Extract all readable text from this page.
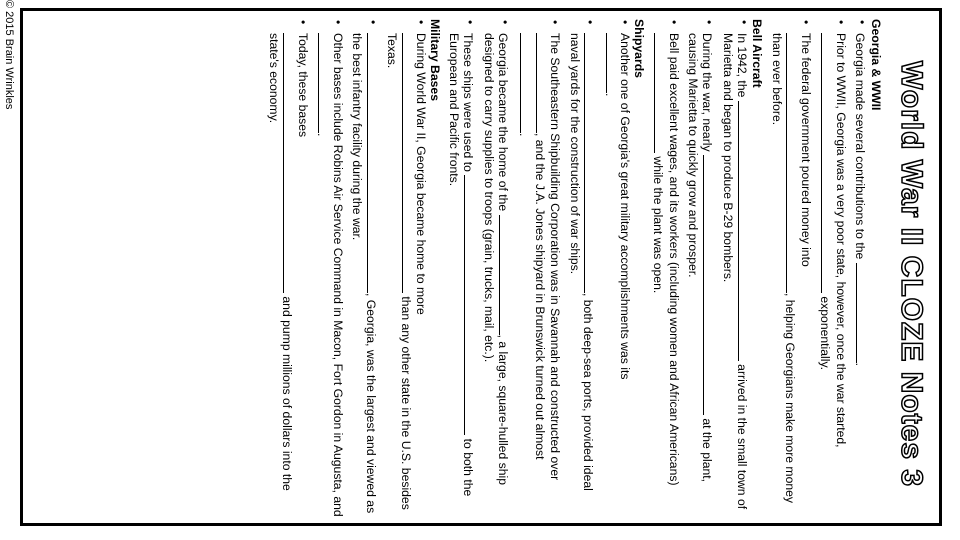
© 2015 Brain Wrinkles
World War II CLOZE Notes 3

Georgia & WWII

• Georgia made several contributions to the .
• Prior to WWII, Georgia was a very poor state, however, once the war started,  exponentially.
• The federal government poured money into , helping Georgians make more money than ever before.

Bell Aircraft

• In 1942, the  arrived in the small town of Marietta and began to produce B-29 bombers.
• During the war, nearly  at the plant, causing Marietta to quickly grow and prosper.
• Bell paid excellent wages, and its workers (including women and African Americans)  while the plant was open.

Shipyards

• Another one of Georgia's great military accomplishments was its
.
• , both deep-sea ports, provided ideal naval yards for the construction of war ships.
• The Southeastern Shipbuilding Corporation was in Savannah and constructed over , and the J.A. Jones shipyard in Brunswick turned out almost .
• Georgia became the home of the , a large, square-hulled ship designed to carry supplies to troops (grain, trucks, mail, etc.).
• These ships were used to  to both the European and Pacific fronts.

Military Bases

• During World War II, Georgia became home to more
than any other state in the U.S. besides Texas.
• , Georgia, was the largest and viewed as the best infantry facility during the war.
• Other bases include Robins Air Service Command in Macon, Fort Gordon in Augusta, and .
• Today, these bases
and pump millions of dollars into the state's economy.
